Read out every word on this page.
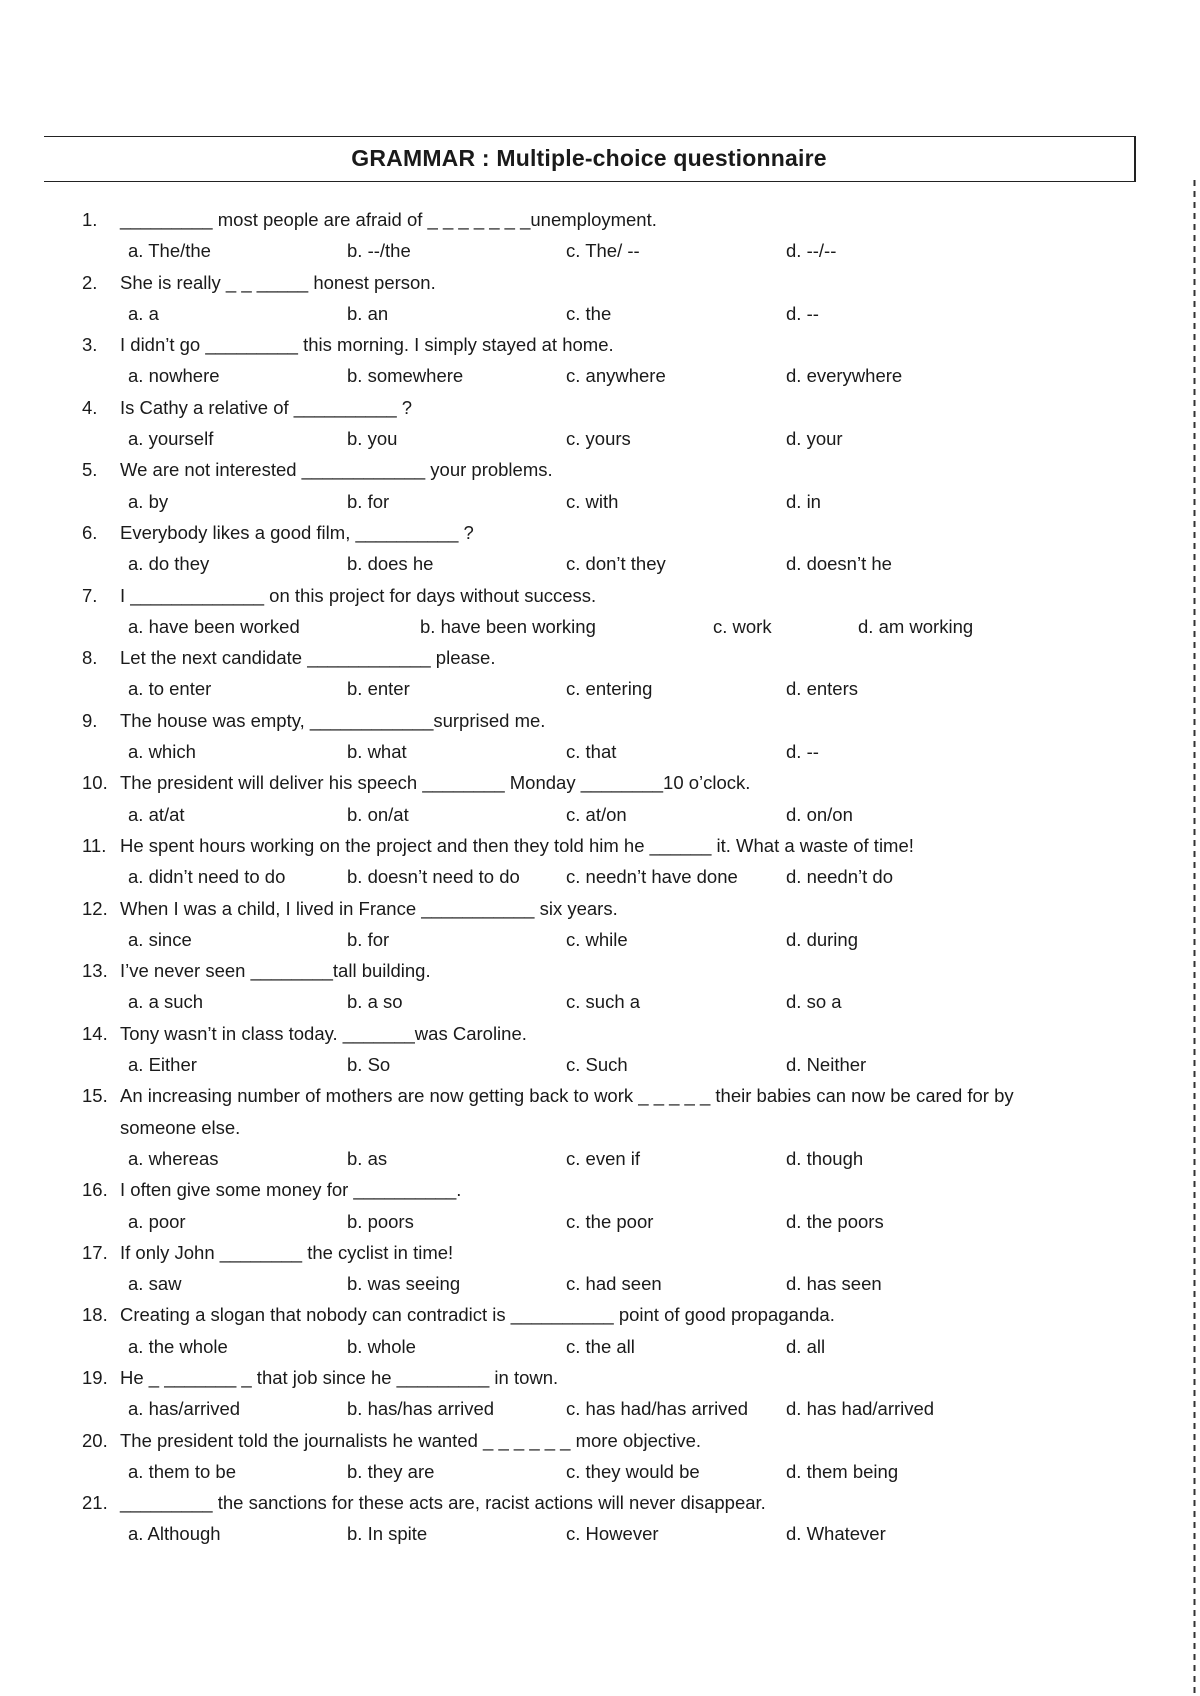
GRAMMAR : Multiple-choice questionnaire
1. _________ most people are afraid of _ _ _ _ _ _ _unemployment.
a. The/the	b. --/the	c. The/ --	d. --/--
2. She is really _ _ _____ honest person.
a. a	b. an	c. the	d. --
3. I didn’t go _________ this morning. I simply stayed at home.
a. nowhere	b. somewhere	c. anywhere	d. everywhere
4. Is Cathy a relative of __________ ?
a. yourself	b. you	c. yours	d. your
5. We are not interested ____________ your problems.
a. by	b. for	c. with	d. in
6. Everybody likes a good film, __________ ?
a. do they	b. does he	c. don’t they	d. doesn’t he
7. I _____________ on this project for days without success.
a. have been worked	b. have been working	c. work	d. am working
8. Let the next candidate ____________ please.
a. to enter	b. enter	c. entering	d. enters
9. The house was empty, ____________surprised me.
a. which	b. what	c. that	d. --
10. The president will deliver his speech ________ Monday ________10 o’clock.
a. at/at	b. on/at	c. at/on	d. on/on
11. He spent hours working on the project and then they told him he ______ it. What a waste of time!
a. didn’t need to do	b. doesn’t need to do c. needn’t have done	d. needn’t do
12. When I was a child, I lived in France ___________ six years.
a. since	b. for	c. while	d. during
13. I’ve never seen ________tall building.
a. a such	b. a so	c. such a	d. so a
14. Tony wasn’t in class today. _______was Caroline.
a. Either	b. So	c. Such	d. Neither
15. An increasing number of mothers are now getting back to work _ _ _ _ _ their babies can now be cared for by
someone else.
a. whereas	b. as	c. even if	d. though
16. I often give some money for __________.
a. poor	b. poors	c. the poor	d. the poors
17. If only John ________ the cyclist in time!
a. saw	b. was seeing	c. had seen	d. has seen
18. Creating a slogan that nobody can contradict is __________ point of good propaganda.
a. the whole	b. whole	c. the all	d. all
19. He _ _______ _ that job since he _________ in town.
a. has/arrived	b. has/has arrived	c. has had/has arrived d. has had/arrived
20. The president told the journalists he wanted _ _ _ _ _ _ more objective.
a. them to be	b. they are	c. they would be	d. them being
21. _________ the sanctions for these acts are, racist actions will never disappear.
a. Although	b. In spite	c. However	d. Whatever
